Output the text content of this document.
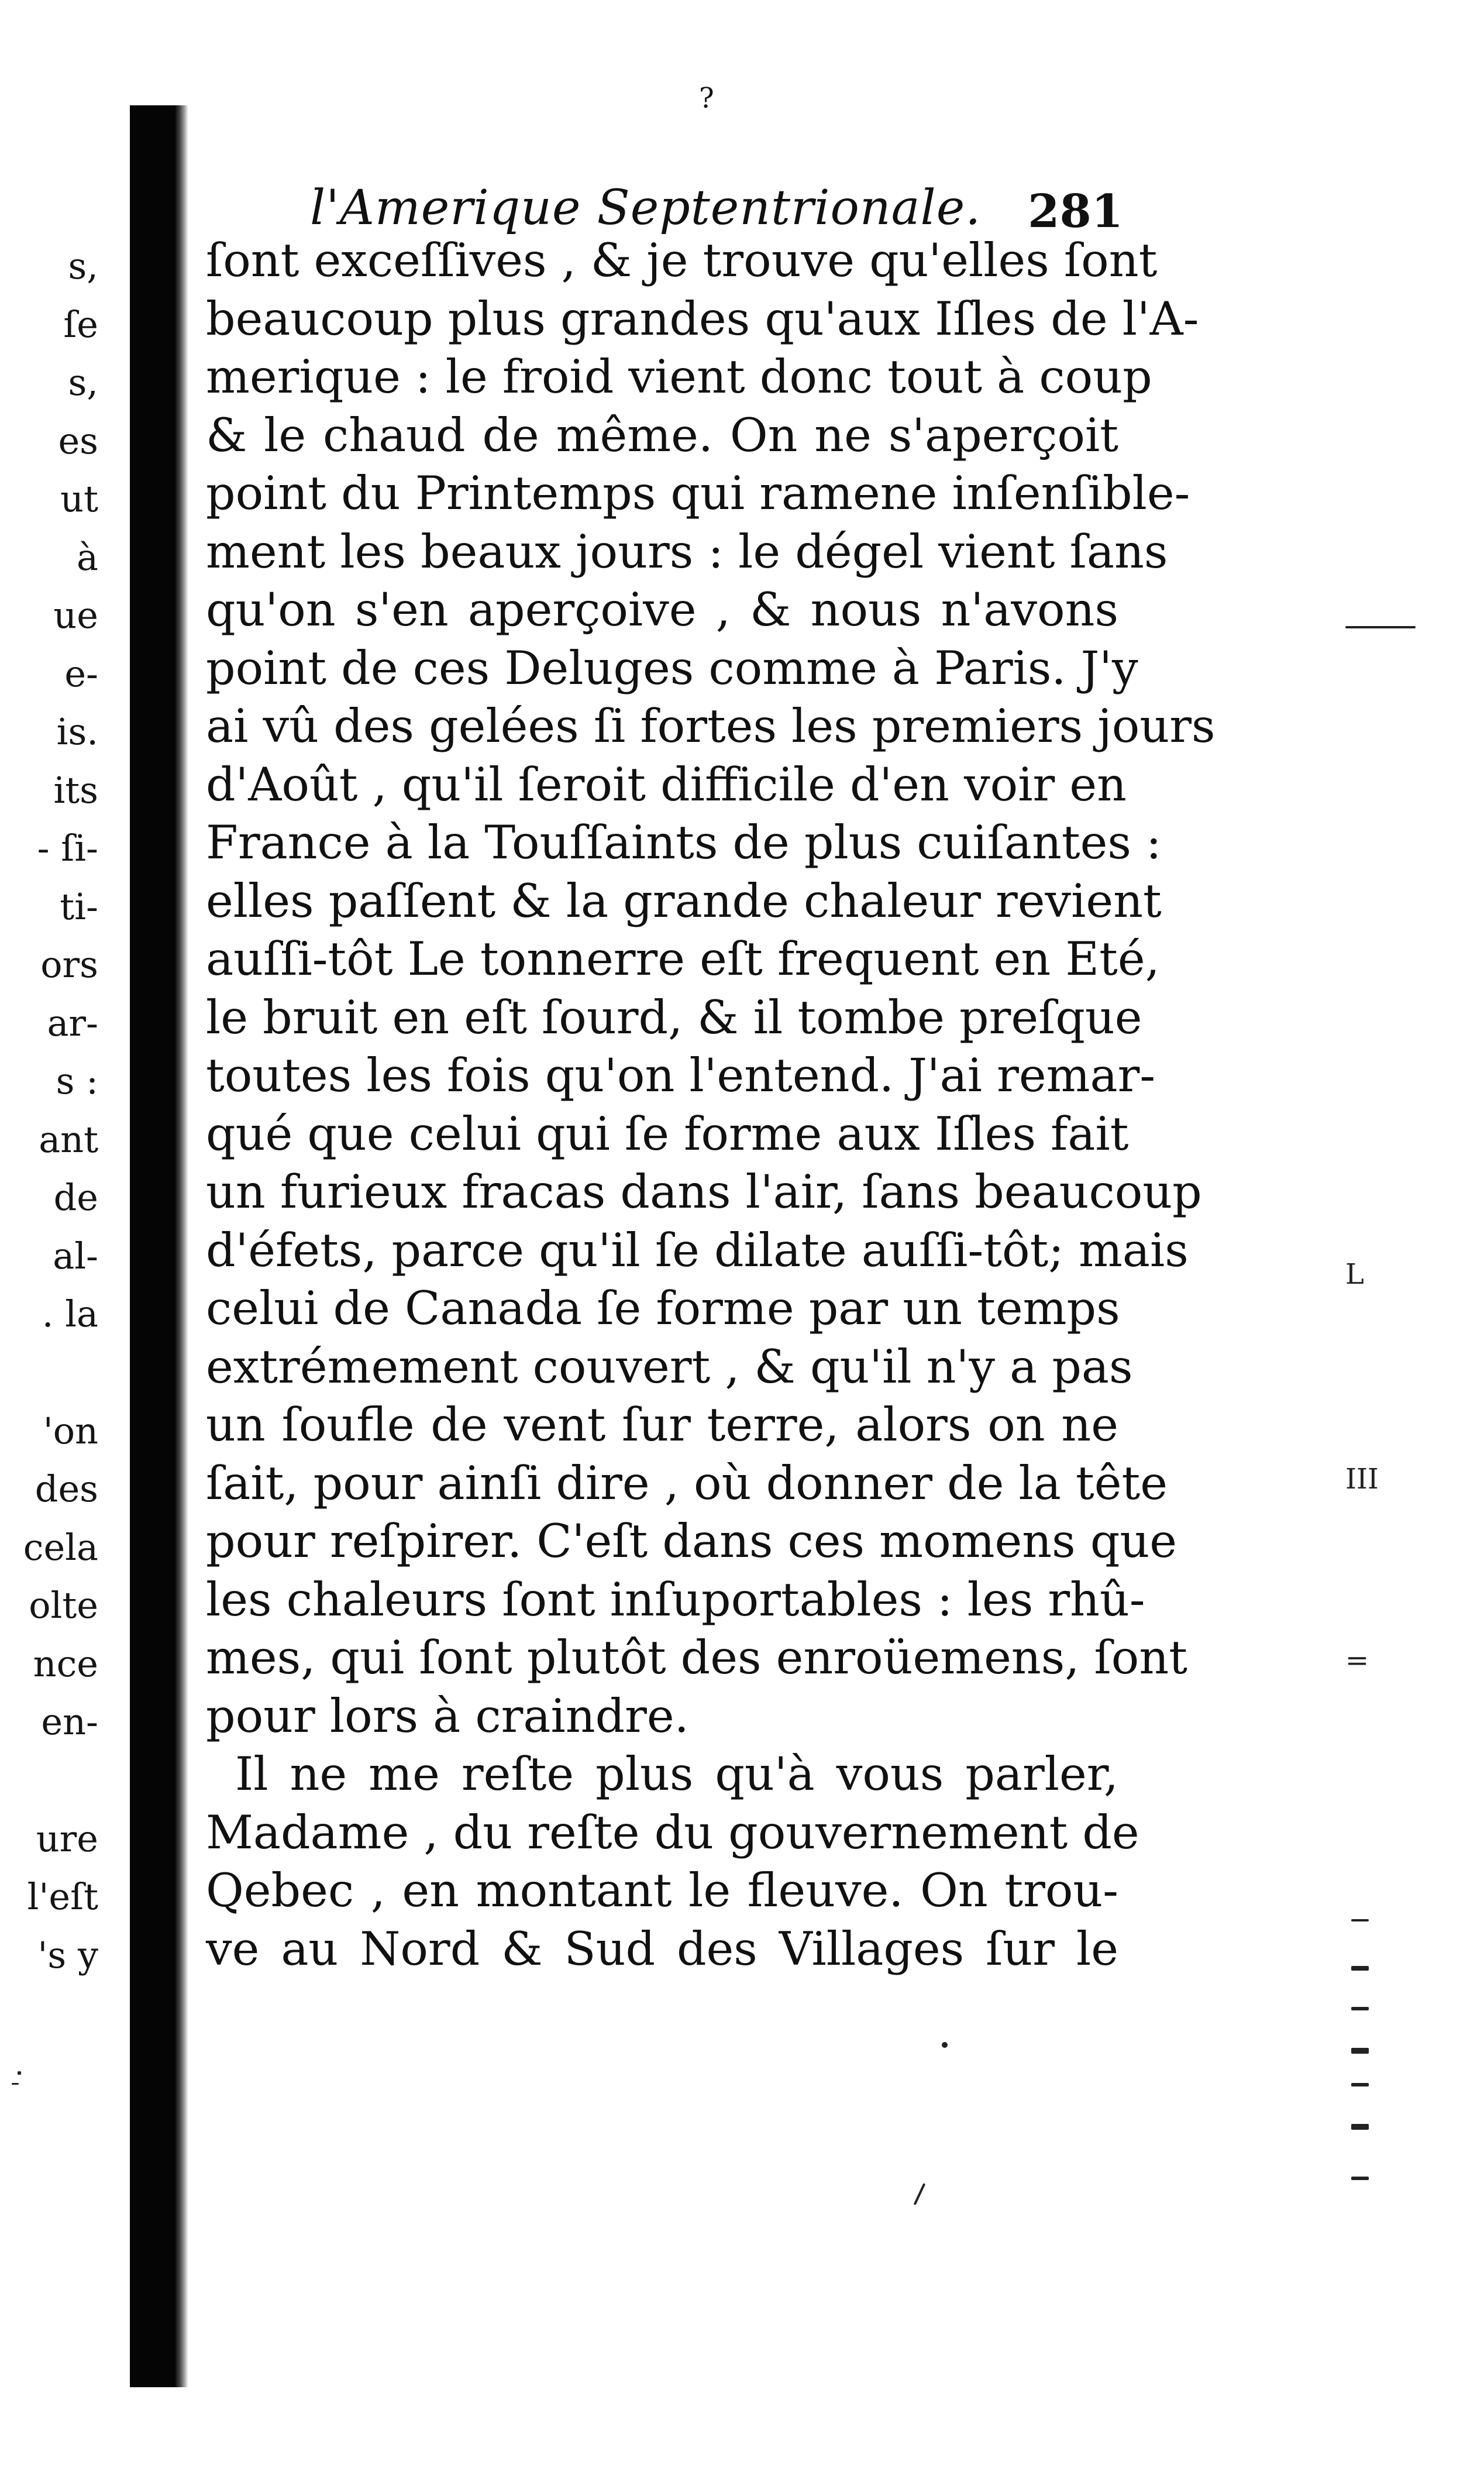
?
l'Amerique Septentrionale. 281
s,
ſe
s,
es
ut
à
ue
e-
is.
its
- ſi-
ti-
ors
ar-
s :
ant
de
al-
. la
'on
des
cela
olte
nce
en-
ure
l'eſt
's y
ſont exceſſives , & je trouve qu'elles ſont
beaucoup plus grandes qu'aux Iſles de l'A-
merique : le froid vient donc tout à coup
& le chaud de même. On ne s'aperçoit
point du Printemps qui ramene inſenſible-
ment les beaux jours : le dégel vient ſans
qu'on s'en aperçoive , & nous n'avons
point de ces Deluges comme à Paris. J'y
ai vû des gelées ſi fortes les premiers jours
d'Août , qu'il ſeroit difficile d'en voir en
France à la Touſſaints de plus cuiſantes :
elles paſſent & la grande chaleur revient
auſſi-tôt Le tonnerre eſt frequent en Eté,
le bruit en eſt ſourd, & il tombe preſque
toutes les fois qu'on l'entend. J'ai remar-
qué que celui qui ſe forme aux Iſles fait
un furieux fracas dans l'air, ſans beaucoup
d'éfets, parce qu'il ſe dilate auſſi-tôt; mais
celui de Canada ſe forme par un temps
extrémement couvert , & qu'il n'y a pas
un ſoufle de vent ſur terre, alors on ne
ſait, pour ainſi dire , où donner de la tête
pour reſpirer. C'eſt dans ces momens que
les chaleurs ſont inſuportables : les rhû-
mes, qui ſont plutôt des enroüemens, ſont
pour lors à craindre.
Il ne me reſte plus qu'à vous parler,
Madame , du reſte du gouvernement de
Qebec , en montant le fleuve. On trou-
ve au Nord & Sud des Villages ſur le
L
III
=
